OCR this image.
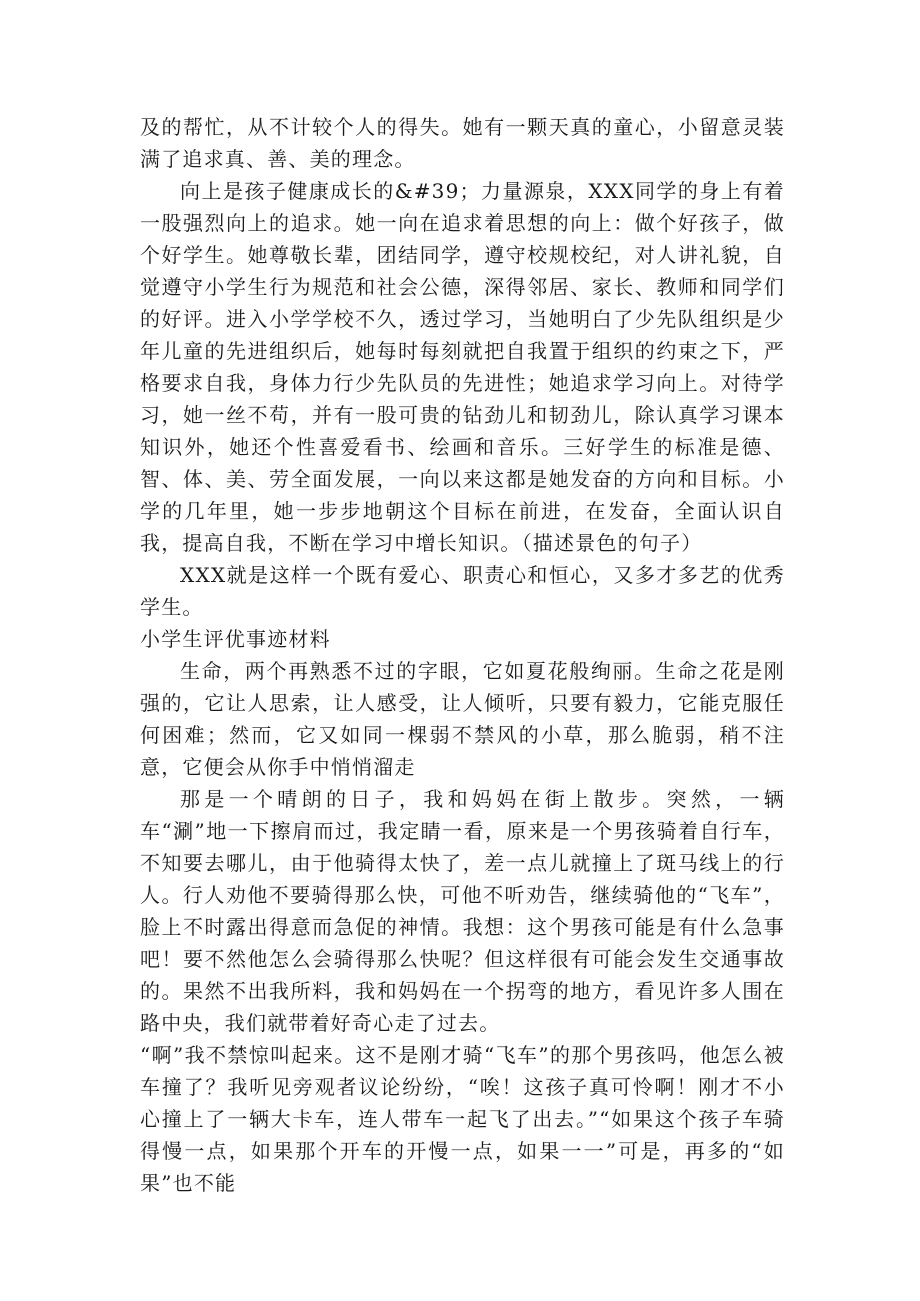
及的帮忙，从不计较个人的得失。她有一颗天真的童心，小留意灵装满了追求真、善、美的理念。

向上是孩子健康成长的&#39；力量源泉，XXX同学的身上有着一股强烈向上的追求。她一向在追求着思想的向上：做个好孩子，做个好学生。她尊敬长辈，团结同学，遵守校规校纪，对人讲礼貌，自觉遵守小学生行为规范和社会公德，深得邻居、家长、教师和同学们的好评。进入小学学校不久，透过学习，当她明白了少先队组织是少年儿童的先进组织后，她每时每刻就把自我置于组织的约束之下，严格要求自我，身体力行少先队员的先进性；她追求学习向上。对待学习，她一丝不苟，并有一股可贵的钻劲儿和韧劲儿，除认真学习课本知识外，她还个性喜爱看书、绘画和音乐。三好学生的标准是德、智、体、美、劳全面发展，一向以来这都是她发奋的方向和目标。小学的几年里，她一步步地朝这个目标在前进，在发奋，全面认识自我，提高自我，不断在学习中增长知识。（描述景色的句子）

XXX就是这样一个既有爱心、职责心和恒心，又多才多艺的优秀学生。

小学生评优事迹材料

生命，两个再熟悉不过的字眼，它如夏花般绚丽。生命之花是刚强的，它让人思索，让人感受，让人倾听，只要有毅力，它能克服任何困难；然而，它又如同一棵弱不禁风的小草，那么脆弱，稍不注意，它便会从你手中悄悄溜走

那是一个晴朗的日子，我和妈妈在街上散步。突然，一辆车“涮”地一下擦肩而过，我定睛一看，原来是一个男孩骑着自行车，不知要去哪儿，由于他骑得太快了，差一点儿就撞上了斑马线上的行人。行人劝他不要骑得那么快，可他不听劝告，继续骑他的“飞车”，脸上不时露出得意而急促的神情。我想：这个男孩可能是有什么急事吧！要不然他怎么会骑得那么快呢？但这样很有可能会发生交通事故的。果然不出我所料，我和妈妈在一个拐弯的地方，看见许多人围在路中央，我们就带着好奇心走了过去。

“啊”我不禁惊叫起来。这不是刚才骑“飞车”的那个男孩吗，他怎么被车撞了？我听见旁观者议论纷纷，“唉！这孩子真可怜啊！刚才不小心撞上了一辆大卡车，连人带车一起飞了出去。”“如果这个孩子车骑得慢一点，如果那个开车的开慢一点，如果一一”可是，再多的“如果”也不能
